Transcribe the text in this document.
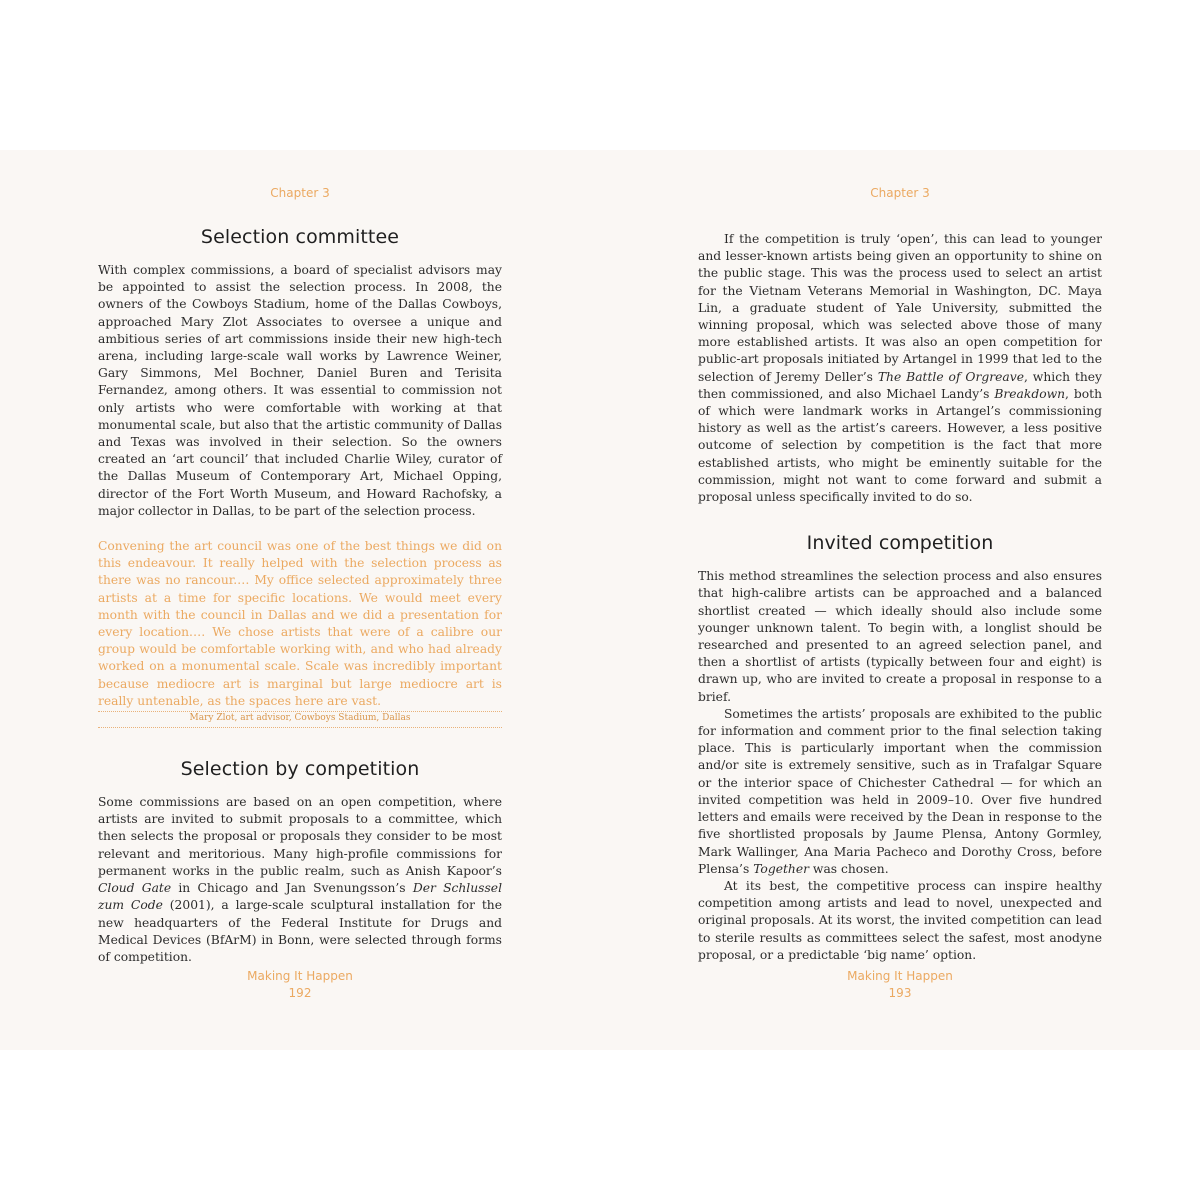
Chapter 3
Selection committee

With complex commissions, a board of specialist advisors may be appointed to assist the selection process. In 2008, the owners of the Cowboys Stadium, home of the Dallas Cowboys, approached Mary Zlot Associates to oversee a unique and ambitious series of art commissions inside their new high-tech arena, including large-scale wall works by Lawrence Weiner, Gary Simmons, Mel Bochner, Daniel Buren and Terisita Fernandez, among others. It was essential to commission not only artists who were comfortable with working at that monumental scale, but also that the artistic community of Dallas and Texas was involved in their selection. So the owners created an ‘art council’ that included Charlie Wiley, curator of the Dallas Museum of Contemporary Art, Michael Opping, director of the Fort Worth Museum, and Howard Rachofsky, a major collector in Dallas, to be part of the selection process.

Convening the art council was one of the best things we did on this endeavour. It really helped with the selection process as there was no rancour.… My office selected approximately three artists at a time for specific locations. We would meet every month with the council in Dallas and we did a presentation for every location.… We chose artists that were of a calibre our group would be comfortable working with, and who had already worked on a monumental scale. Scale was incredibly important because mediocre art is marginal but large mediocre art is really untenable, as the spaces here are vast.

Mary Zlot, art advisor, Cowboys Stadium, Dallas
Selection by competition

Some commissions are based on an open competition, where artists are invited to submit proposals to a committee, which then selects the proposal or proposals they consider to be most relevant and meritorious. Many high-profile commissions for permanent works in the public realm, such as Anish Kapoor’s Cloud Gate in Chicago and Jan Svenungsson’s Der Schlussel zum Code (2001), a large-scale sculptural installation for the new headquarters of the Federal Institute for Drugs and Medical Devices (BfArM) in Bonn, were selected through forms of competition.

Making It Happen
192
Chapter 3

If the competition is truly ‘open’, this can lead to younger and lesser-known artists being given an opportunity to shine on the public stage. This was the process used to select an artist for the Vietnam Veterans Memorial in Washington, DC. Maya Lin, a graduate student of Yale University, submitted the winning proposal, which was selected above those of many more established artists. It was also an open competition for public-art proposals initiated by Artangel in 1999 that led to the selection of Jeremy Deller’s The Battle of Orgreave, which they then commissioned, and also Michael Landy’s Breakdown, both of which were landmark works in Artangel’s commissioning history as well as the artist’s careers. However, a less positive outcome of selection by competition is the fact that more established artists, who might be eminently suitable for the commission, might not want to come forward and submit a proposal unless specifically invited to do so.

Invited competition

This method streamlines the selection process and also ensures that high-calibre artists can be approached and a balanced shortlist created — which ideally should also include some younger unknown talent. To begin with, a longlist should be researched and presented to an agreed selection panel, and then a shortlist of artists (typically between four and eight) is drawn up, who are invited to create a proposal in response to a brief.

Sometimes the artists’ proposals are exhibited to the public for information and comment prior to the final selection taking place. This is particularly important when the commission and/or site is extremely sensitive, such as in Trafalgar Square or the interior space of Chichester Cathedral — for which an invited competition was held in 2009–10. Over five hundred letters and emails were received by the Dean in response to the five shortlisted proposals by Jaume Plensa, Antony Gormley, Mark Wallinger, Ana Maria Pacheco and Dorothy Cross, before Plensa’s Together was chosen.

At its best, the competitive process can inspire healthy competition among artists and lead to novel, unexpected and original proposals. At its worst, the invited competition can lead to sterile results as committees select the safest, most anodyne proposal, or a predictable ‘big name’ option.

Making It Happen
193
